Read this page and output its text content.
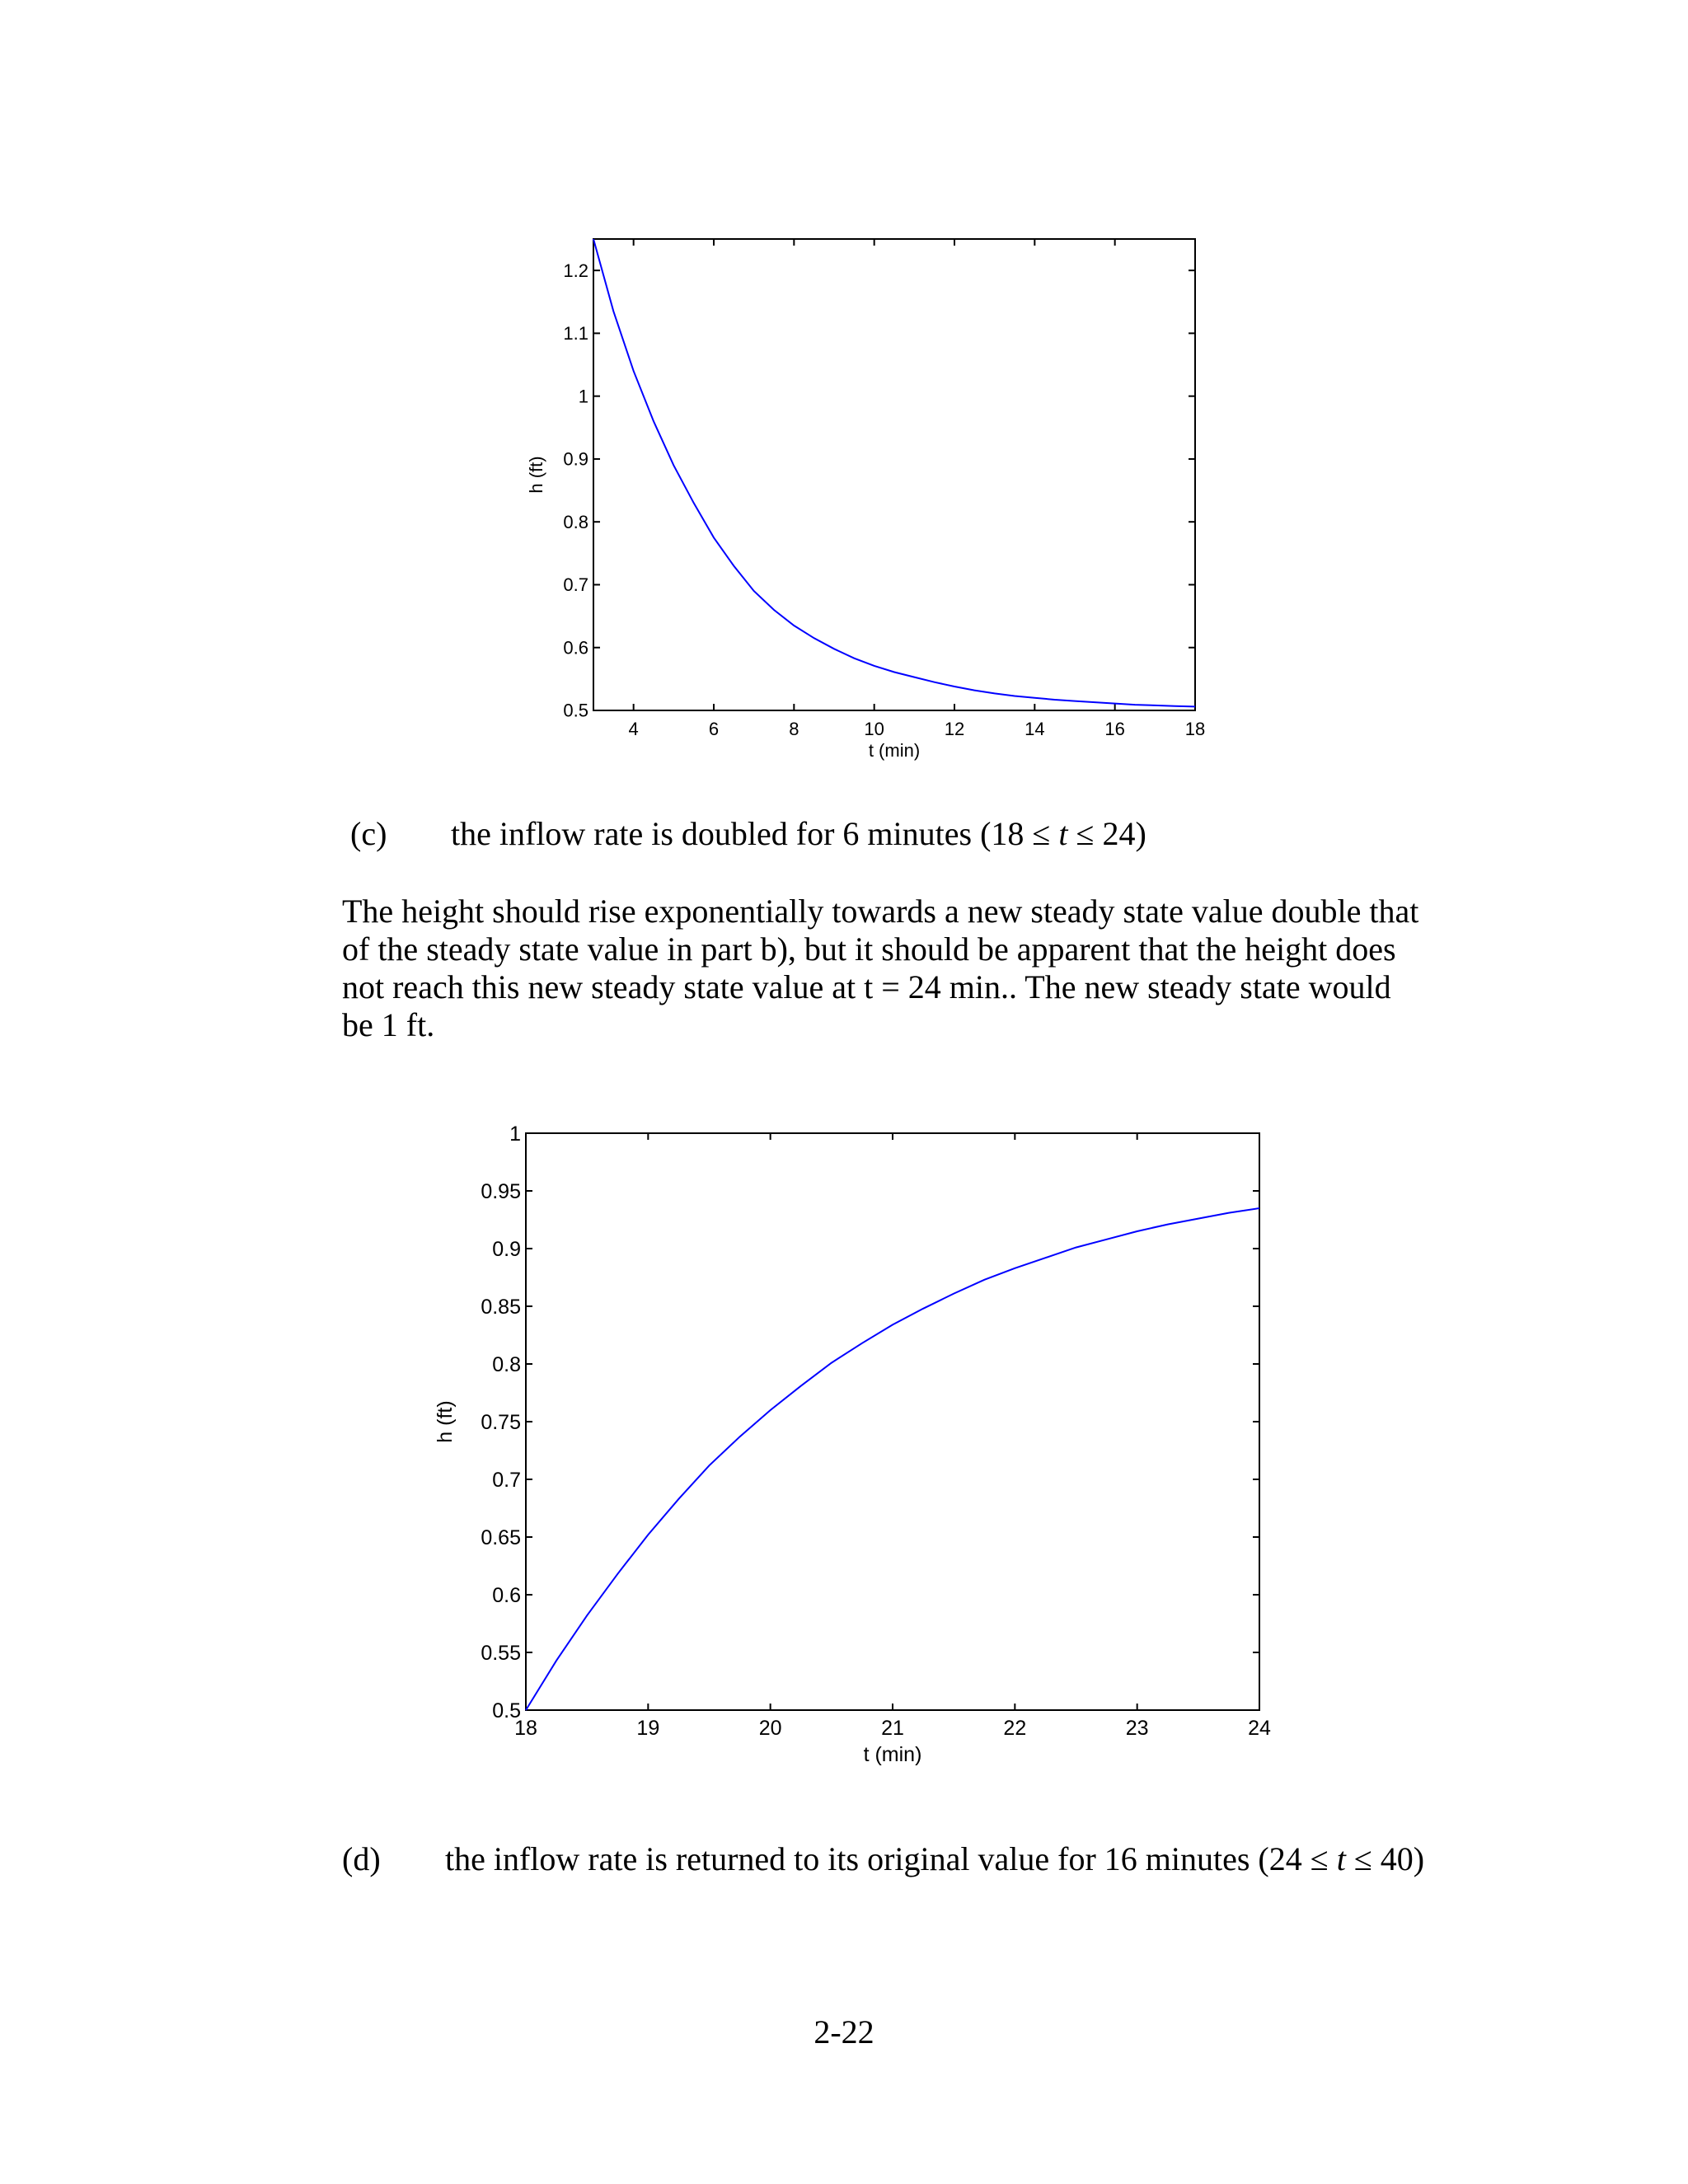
4	6	8	10	12	14	16	18
0.5
0.6
0.7
0.8
0.9
1
1.1
1.2
t (min)
h (ft)
(c) the inflow rate is doubled for 6 minutes (18 ≤ t ≤ 24)
The height should rise exponentially towards a new steady state value double that
of the steady state value in part b), but it should be apparent that the height does
not reach this new steady state value at t = 24 min.. The new steady state would
be 1 ft.
18	19	20	21	22	23	24
0.5
0.55
0.6
0.65
0.7
0.75
0.8
0.85
0.9
0.95
1
t (min)
h (ft)
(d) the inflow rate is returned to its original value for 16 minutes (24 ≤ t ≤ 40)
2-22
